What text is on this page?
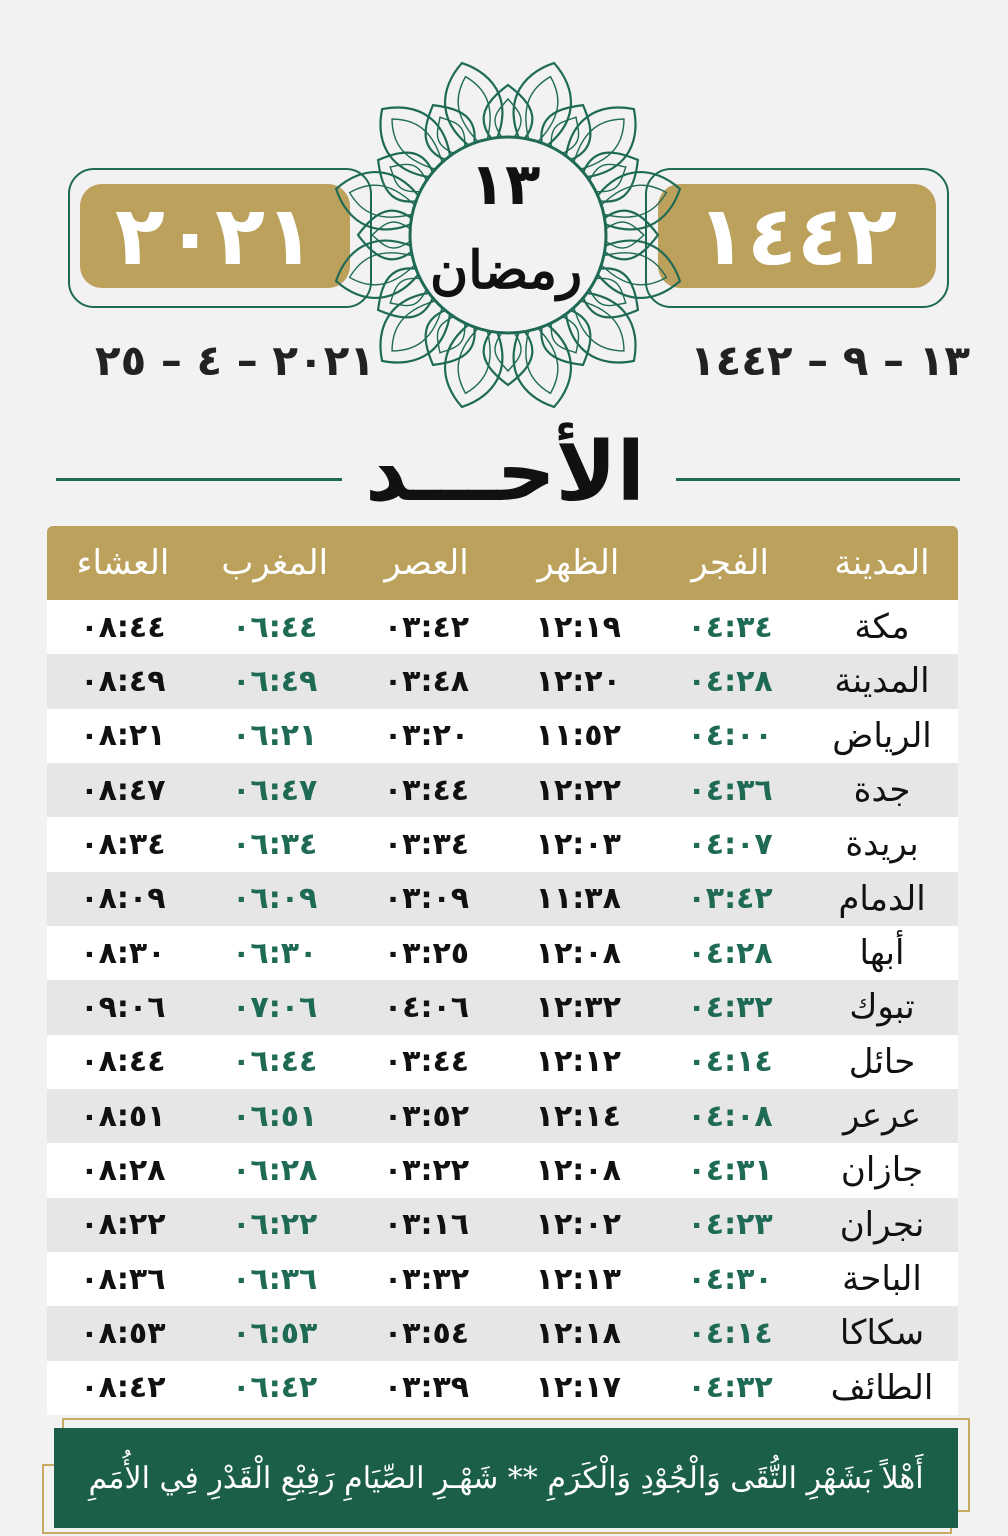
٢٠٢١	١٤٤٢
١٣
رمضان
٢٠٢١ – ٤ – ٢٥	١٣ – ٩ – ١٤٤٢
الأحـــد
المدينة
الفجر
الظهر
العصر
المغرب
العشاء
مكة
٠٤:٣٤
١٢:١٩
٠٣:٤٢
٠٦:٤٤
٠٨:٤٤
المدينة
٠٤:٢٨
١٢:٢٠
٠٣:٤٨
٠٦:٤٩
٠٨:٤٩
الرياض
٠٤:٠٠
١١:٥٢
٠٣:٢٠
٠٦:٢١
٠٨:٢١
جدة
٠٤:٣٦
١٢:٢٢
٠٣:٤٤
٠٦:٤٧
٠٨:٤٧
بريدة
٠٤:٠٧
١٢:٠٣
٠٣:٣٤
٠٦:٣٤
٠٨:٣٤
الدمام
٠٣:٤٢
١١:٣٨
٠٣:٠٩
٠٦:٠٩
٠٨:٠٩
أبها
٠٤:٢٨
١٢:٠٨
٠٣:٢٥
٠٦:٣٠
٠٨:٣٠
تبوك
٠٤:٣٢
١٢:٣٢
٠٤:٠٦
٠٧:٠٦
٠٩:٠٦
حائل
٠٤:١٤
١٢:١٢
٠٣:٤٤
٠٦:٤٤
٠٨:٤٤
عرعر
٠٤:٠٨
١٢:١٤
٠٣:٥٢
٠٦:٥١
٠٨:٥١
جازان
٠٤:٣١
١٢:٠٨
٠٣:٢٢
٠٦:٢٨
٠٨:٢٨
نجران
٠٤:٢٣
١٢:٠٢
٠٣:١٦
٠٦:٢٢
٠٨:٢٢
الباحة
٠٤:٣٠
١٢:١٣
٠٣:٣٢
٠٦:٣٦
٠٨:٣٦
سكاكا
٠٤:١٤
١٢:١٨
٠٣:٥٤
٠٦:٥٣
٠٨:٥٣
الطائف
٠٤:٣٢
١٢:١٧
٠٣:٣٩
٠٦:٤٢
٠٨:٤٢
أَهْلاً بَشَهْرِ التُّقَى وَالْجُوْدِ وَالْكَرَمِ ** شَهْـرِ الصِّيَامِ رَفِيْعِ الْقَدْرِ فِي الأُمَمِ
